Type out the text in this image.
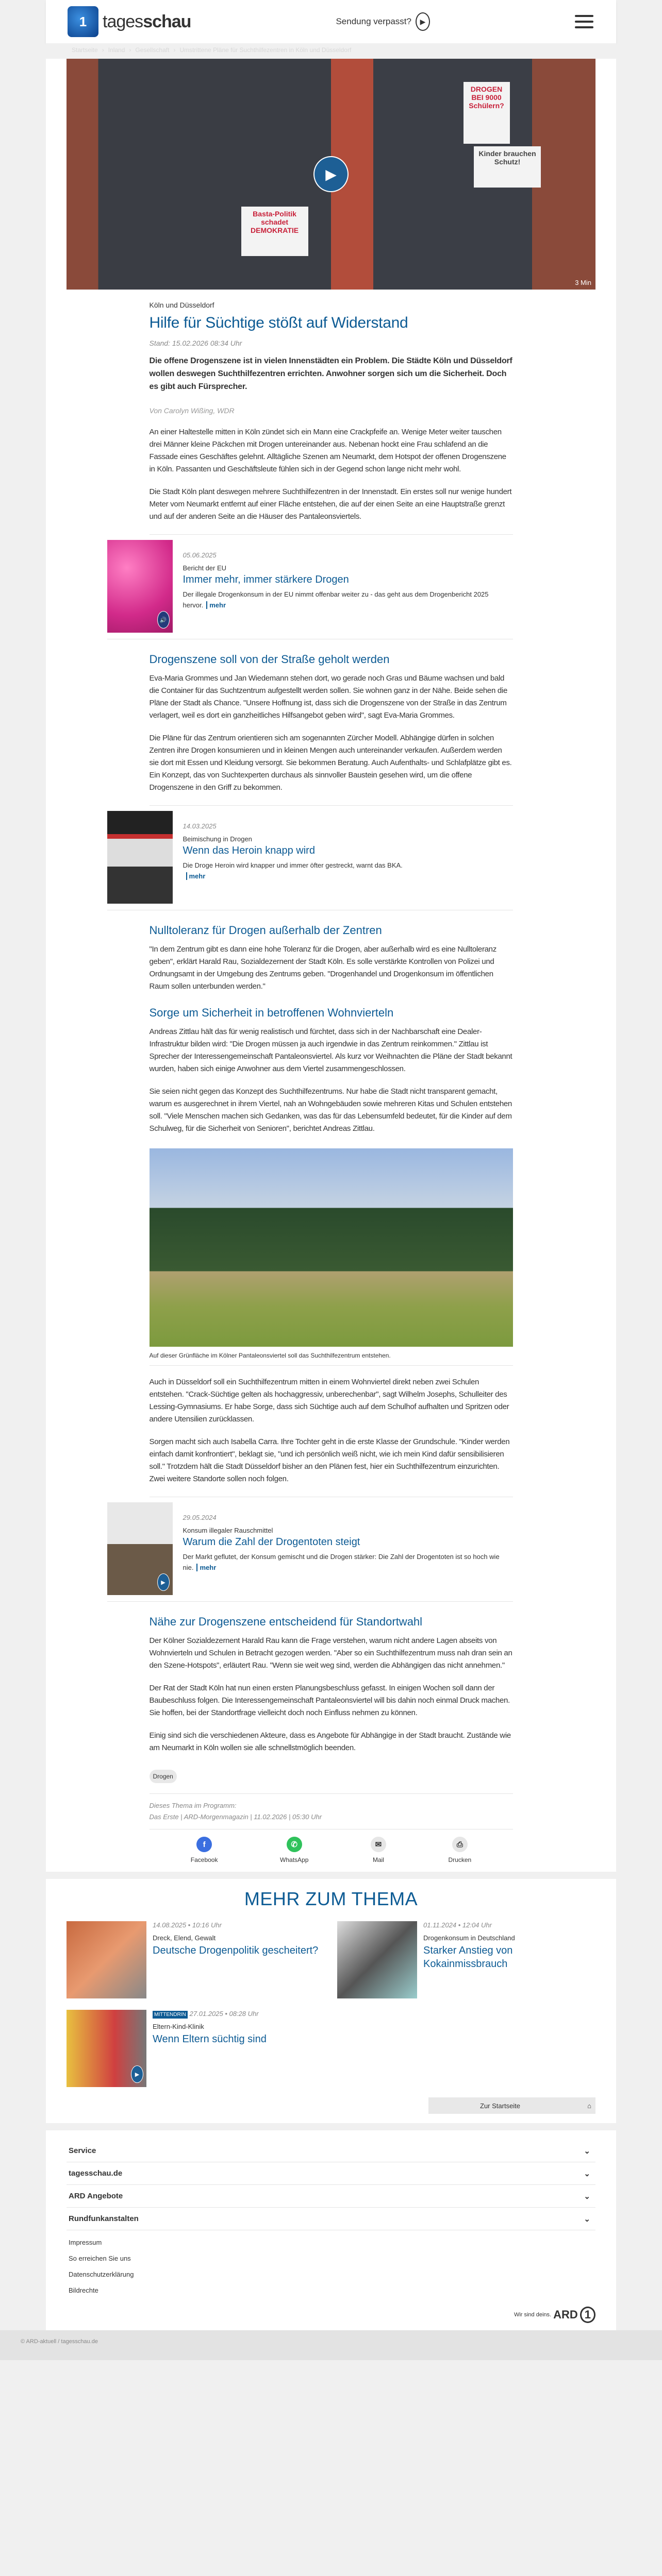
1 tagesschau	Sendung verpasst?	▶
Startseite › Inland › Gesellschaft › Umstrittene Pläne für Suchthilfezentren in Köln und Düsseldorf
Basta-Politik schadet DEMOKRATIE
DROGEN BEI 9000 Schülern?
Kinder brauchen Schutz!
▶
3 Min
Köln und Düsseldorf
Hilfe für Süchtige stößt auf Widerstand
Stand: 15.02.2026 08:34 Uhr

Die offene Drogenszene ist in vielen Innenstädten ein Problem. Die Städte Köln und Düsseldorf wollen deswegen Suchthilfezentren errichten. Anwohner sorgen sich um die Sicherheit. Doch es gibt auch Fürsprecher.

Von Carolyn Wißing, WDR

An einer Haltestelle mitten in Köln zündet sich ein Mann eine Crackpfeife an. Wenige Meter weiter tauschen drei Männer kleine Päckchen mit Drogen untereinander aus. Nebenan hockt eine Frau schlafend an die Fassade eines Geschäftes gelehnt. Alltägliche Szenen am Neumarkt, dem Hotspot der offenen Drogenszene in Köln. Passanten und Geschäftsleute fühlen sich in der Gegend schon lange nicht mehr wohl.

Die Stadt Köln plant deswegen mehrere Suchthilfezentren in der Innenstadt. Ein erstes soll nur wenige hundert Meter vom Neumarkt entfernt auf einer Fläche entstehen, die auf der einen Seite an eine Hauptstraße grenzt und auf der anderen Seite an die Häuser des Pantaleonsviertels.

🔊
05.06.2025
Bericht der EU
Immer mehr, immer stärkere Drogen
Der illegale Drogenkonsum in der EU nimmt offenbar weiter zu - das geht aus dem Drogenbericht 2025 hervor. mehr
Drogenszene soll von der Straße geholt werden

Eva-Maria Grommes und Jan Wiedemann stehen dort, wo gerade noch Gras und Bäume wachsen und bald die Container für das Suchtzentrum aufgestellt werden sollen. Sie wohnen ganz in der Nähe. Beide sehen die Pläne der Stadt als Chance. "Unsere Hoffnung ist, dass sich die Drogenszene von der Straße in das Zentrum verlagert, weil es dort ein ganzheitliches Hilfsangebot geben wird", sagt Eva-Maria Grommes.

Die Pläne für das Zentrum orientieren sich am sogenannten Zürcher Modell. Abhängige dürfen in solchen Zentren ihre Drogen konsumieren und in kleinen Mengen auch untereinander verkaufen. Außerdem werden sie dort mit Essen und Kleidung versorgt. Sie bekommen Beratung. Auch Aufenthalts- und Schlafplätze gibt es. Ein Konzept, das von Suchtexperten durchaus als sinnvoller Baustein gesehen wird, um die offene Drogenszene in den Griff zu bekommen.

14.03.2025
Beimischung in Drogen
Wenn das Heroin knapp wird
Die Droge Heroin wird knapper und immer öfter gestreckt, warnt das BKA.
mehr
Nulltoleranz für Drogen außerhalb der Zentren

"In dem Zentrum gibt es dann eine hohe Toleranz für die Drogen, aber außerhalb wird es eine Nulltoleranz geben", erklärt Harald Rau, Sozialdezernent der Stadt Köln. Es solle verstärkte Kontrollen von Polizei und Ordnungsamt in der Umgebung des Zentrums geben. "Drogenhandel und Drogenkonsum im öffentlichen Raum sollen unterbunden werden."

Sorge um Sicherheit in betroffenen Wohnvierteln

Andreas Zittlau hält das für wenig realistisch und fürchtet, dass sich in der Nachbarschaft eine Dealer-Infrastruktur bilden wird: "Die Drogen müssen ja auch irgendwie in das Zentrum reinkommen." Zittlau ist Sprecher der Interessengemeinschaft Pantaleonsviertel. Als kurz vor Weihnachten die Pläne der Stadt bekannt wurden, haben sich einige Anwohner aus dem Viertel zusammengeschlossen.

Sie seien nicht gegen das Konzept des Suchthilfezentrums. Nur habe die Stadt nicht transparent gemacht, warum es ausgerechnet in ihrem Viertel, nah an Wohngebäuden sowie mehreren Kitas und Schulen entstehen soll. "Viele Menschen machen sich Gedanken, was das für das Lebensumfeld bedeutet, für die Kinder auf dem Schulweg, für die Sicherheit von Senioren", berichtet Andreas Zittlau.

Auf dieser Grünfläche im Kölner Pantaleonsviertel soll das Suchthilfezentrum entstehen.

Auch in Düsseldorf soll ein Suchthilfezentrum mitten in einem Wohnviertel direkt neben zwei Schulen entstehen. "Crack-Süchtige gelten als hochaggressiv, unberechenbar", sagt Wilhelm Josephs, Schulleiter des Lessing-Gymnasiums. Er habe Sorge, dass sich Süchtige auch auf dem Schulhof aufhalten und Spritzen oder andere Utensilien zurücklassen.

Sorgen macht sich auch Isabella Carra. Ihre Tochter geht in die erste Klasse der Grundschule. "Kinder werden einfach damit konfrontiert", beklagt sie, "und ich persönlich weiß nicht, wie ich mein Kind dafür sensibilisieren soll." Trotzdem hält die Stadt Düsseldorf bisher an den Plänen fest, hier ein Suchthilfezentrum einzurichten. Zwei weitere Standorte sollen noch folgen.

▶
29.05.2024
Konsum illegaler Rauschmittel
Warum die Zahl der Drogentoten steigt
Der Markt geflutet, der Konsum gemischt und die Drogen stärker: Die Zahl der Drogentoten ist so hoch wie nie. mehr
Nähe zur Drogenszene entscheidend für Standortwahl

Der Kölner Sozialdezernent Harald Rau kann die Frage verstehen, warum nicht andere Lagen abseits von Wohnvierteln und Schulen in Betracht gezogen werden. "Aber so ein Suchthilfezentrum muss nah dran sein an den Szene-Hotspots", erläutert Rau. "Wenn sie weit weg sind, werden die Abhängigen das nicht annehmen."

Der Rat der Stadt Köln hat nun einen ersten Planungsbeschluss gefasst. In einigen Wochen soll dann der Baubeschluss folgen. Die Interessengemeinschaft Pantaleonsviertel will bis dahin noch einmal Druck machen. Sie hoffen, bei der Standortfrage vielleicht doch noch Einfluss nehmen zu können.

Einig sind sich die verschiedenen Akteure, dass es Angebote für Abhängige in der Stadt braucht. Zustände wie am Neumarkt in Köln wollen sie alle schnellstmöglich beenden.

Drogen
Dieses Thema im Programm:
Das Erste | ARD-Morgenmagazin | 11.02.2026 | 05:30 Uhr
f
Facebook
✆
WhatsApp
✉
Mail
⎙
Drucken
MEHR ZUM THEMA
14.08.2025 • 10:16 Uhr
Dreck, Elend, Gewalt
Deutsche Drogenpolitik gescheitert?
01.11.2024 • 12:04 Uhr
Drogenkonsum in Deutschland
Starker Anstieg von Kokainmissbrauch
▶
MITTENDRIN 27.01.2025 • 08:28 Uhr
Eltern-Kind-Klinik
Wenn Eltern süchtig sind
Zur Startseite	⌂
Service	⌄
tagesschau.de	⌄
ARD Angebote	⌄
Rundfunkanstalten	⌄
Impressum
So erreichen Sie uns
Datenschutzerklärung
Bildrechte
Wir sind deins. ARD 1
© ARD-aktuell / tagesschau.de
